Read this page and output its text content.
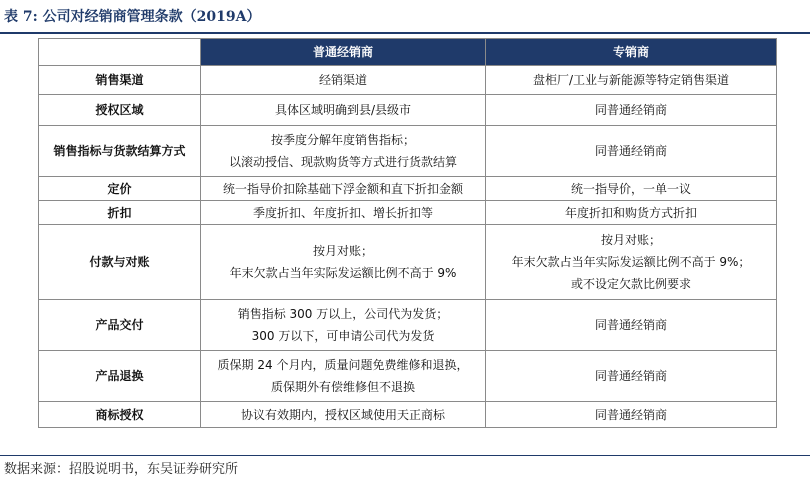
表 7: 公司对经销商管理条款（2019A）
	普通经销商	专销商
销售渠道	经销渠道	盘柜厂/工业与新能源等特定销售渠道

授权区域	具体区域明确到县/县级市	同普通经销商

销售指标与货款结算方式	按季度分解年度销售指标；
以滚动授信、现款购货等方式进行货款结算	同普通经销商

定价	统一指导价扣除基础下浮金额和直下折扣金额	统一指导价，一单一议

折扣	季度折扣、年度折扣、增长折扣等	年度折扣和购货方式折扣

付款与对账	按月对账；
年末欠款占当年实际发运额比例不高于 9%	按月对账；
年末欠款占当年实际发运额比例不高于 9%；
或不设定欠款比例要求

产品交付	销售指标 300 万以上，公司代为发货；
300 万以下，可申请公司代为发货	同普通经销商

产品退换	质保期 24 个月内，质量问题免费维修和退换，
质保期外有偿维修但不退换	同普通经销商

商标授权	协议有效期内，授权区域使用天正商标	同普通经销商
数据来源：招股说明书，东吴证券研究所
